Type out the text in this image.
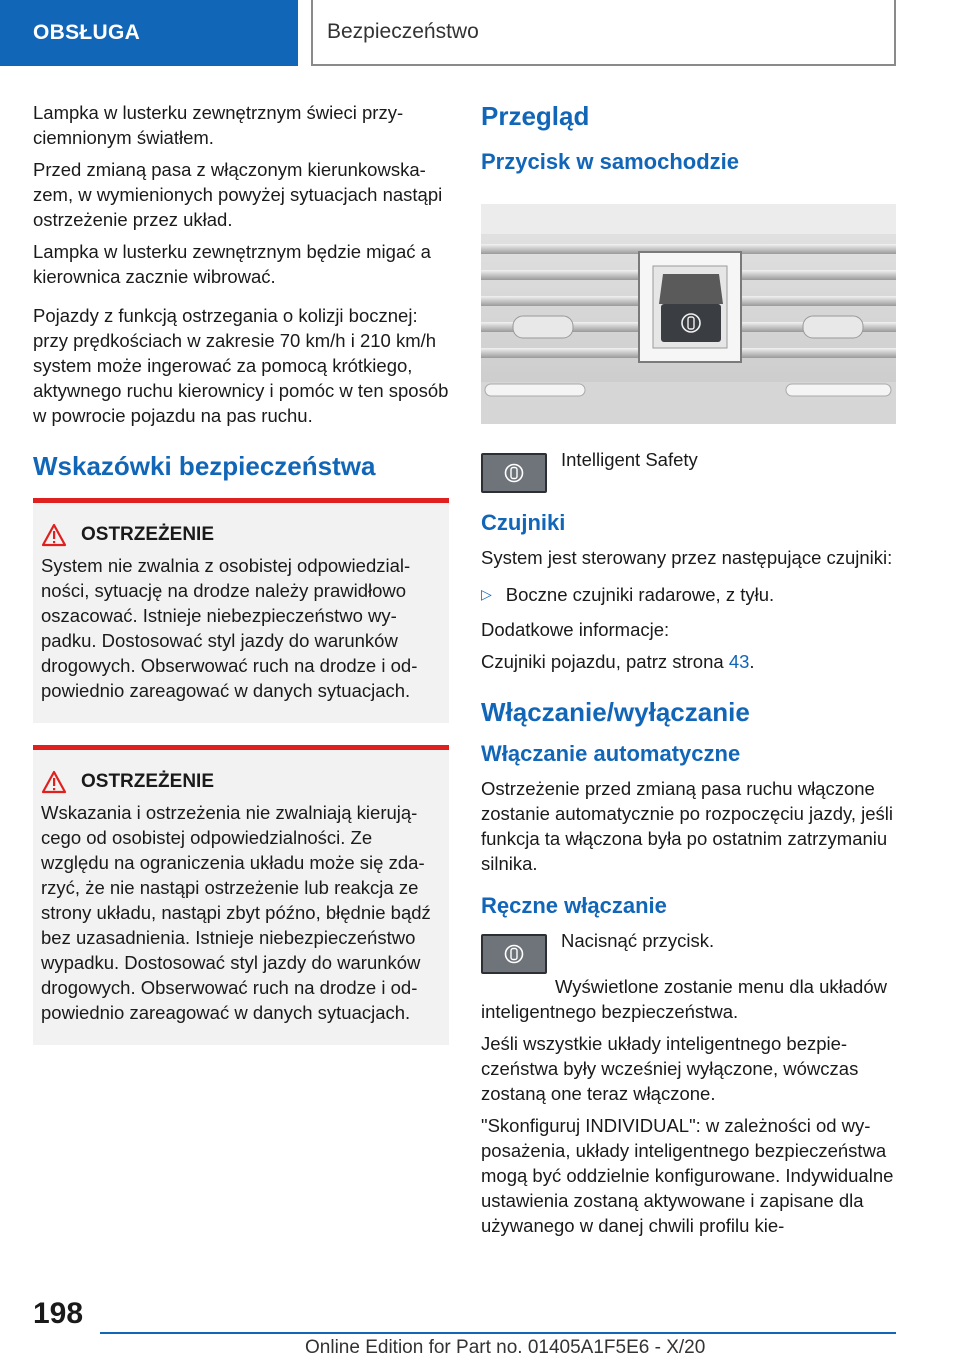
OBSŁUGA	Bezpieczeństwo

Lampka w lusterku zewnętrznym świeci przyciemnionym światłem.

Przed zmianą pasa z włączonym kierunkowskazem, w wymienionych powyżej sytuacjach nastąpi ostrzeżenie przez układ.

Lampka w lusterku zewnętrznym będzie migać a kierownica zacznie wibrować.

Pojazdy z funkcją ostrzegania o kolizji bocznej: przy prędkościach w zakresie 70 km/h i 210 km/h system może ingerować za pomocą krótkiego, aktywnego ruchu kierownicy i pomóc w ten sposób w powrocie pojazdu na pas ruchu.

Wskazówki bezpieczeństwa
OSTRZEŻENIE

System nie zwalnia z osobistej odpowiedzialności, sytuację na drodze należy prawidłowo oszacować. Istnieje niebezpieczeństwo wypadku. Dostosować styl jazdy do warunków drogowych. Obserwować ruch na drodze i odpowiednio zareagować w danych sytuacjach.

OSTRZEŻENIE

Wskazania i ostrzeżenia nie zwalniają kierującego od osobistej odpowiedzialności. Ze względu na ograniczenia układu może się zdarzyć, że nie nastąpi ostrzeżenie lub reakcja ze strony układu, nastąpi zbyt późno, błędnie bądź bez uzasadnienia. Istnieje niebezpieczeństwo wypadku. Dostosować styl jazdy do warunków drogowych. Obserwować ruch na drodze i odpowiednio zareagować w danych sytuacjach.

Przegląd
Przycisk w samochodzie

Intelligent Safety

Czujniki

System jest sterowany przez następujące czujniki:

▷ Boczne czujniki radarowe, z tyłu.

Dodatkowe informacje:

Czujniki pojazdu, patrz strona 43.

Włączanie/wyłączanie
Włączanie automatyczne

Ostrzeżenie przed zmianą pasa ruchu włączone zostanie automatycznie po rozpoczęciu jazdy, jeśli funkcja ta włączona była po ostatnim zatrzymaniu silnika.

Ręczne włączanie

Nacisnąć przycisk.

Wyświetlone zostanie menu dla układów inteligentnego bezpieczeństwa.

Jeśli wszystkie układy inteligentnego bezpieczeństwa były wcześniej wyłączone, wówczas zostaną one teraz włączone.

"Skonfiguruj INDIVIDUAL": w zależności od wyposażenia, układy inteligentnego bezpieczeństwa mogą być oddzielnie konfigurowane. Indywidualne ustawienia zostaną aktywowane i zapisane dla używanego w danej chwili profilu kie-

198
Online Edition for Part no. 01405A1F5E6 - X/20
